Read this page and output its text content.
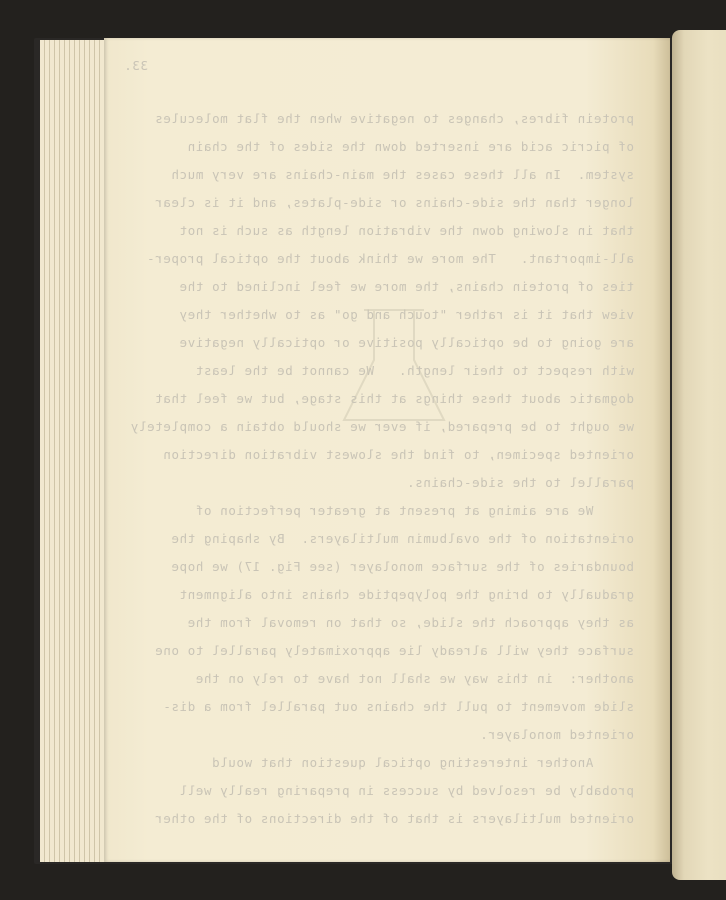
33.
protein fibres, changes to negative when the flat molecules
of picric acid are inserted down the sides of the chain
system.  In all these cases the main-chains are very much
longer than the side-chains or side-plates, and it is clear
that in slowing down the vibration length as such is not
all-important.   The more we think about the optical proper-
ties of protein chains, the more we feel inclined to the
view that it is rather "touch and go" as to whether they
are going to be optically positive or optically negative
with respect to their length.   We cannot be the least
dogmatic about these things at this stage, but we feel that
we ought to be prepared, if ever we should obtain a completely
oriented specimen, to find the slowest vibration direction
parallel to the side-chains.
We are aiming at present at greater perfection of
orientation of the ovalbumin multilayers.  By shaping the
boundaries of the surface monolayer (see Fig. 17) we hope
gradually to bring the polypeptide chains into alignment
as they approach the slide, so that on removal from the
surface they will already lie approximately parallel to one
another:  in this way we shall not have to rely on the
slide movement to pull the chains out parallel from a dis-
oriented monolayer.
Another interesting optical question that would
probably be resolved by success in preparing really well
oriented multilayers is that of the directions of the other
